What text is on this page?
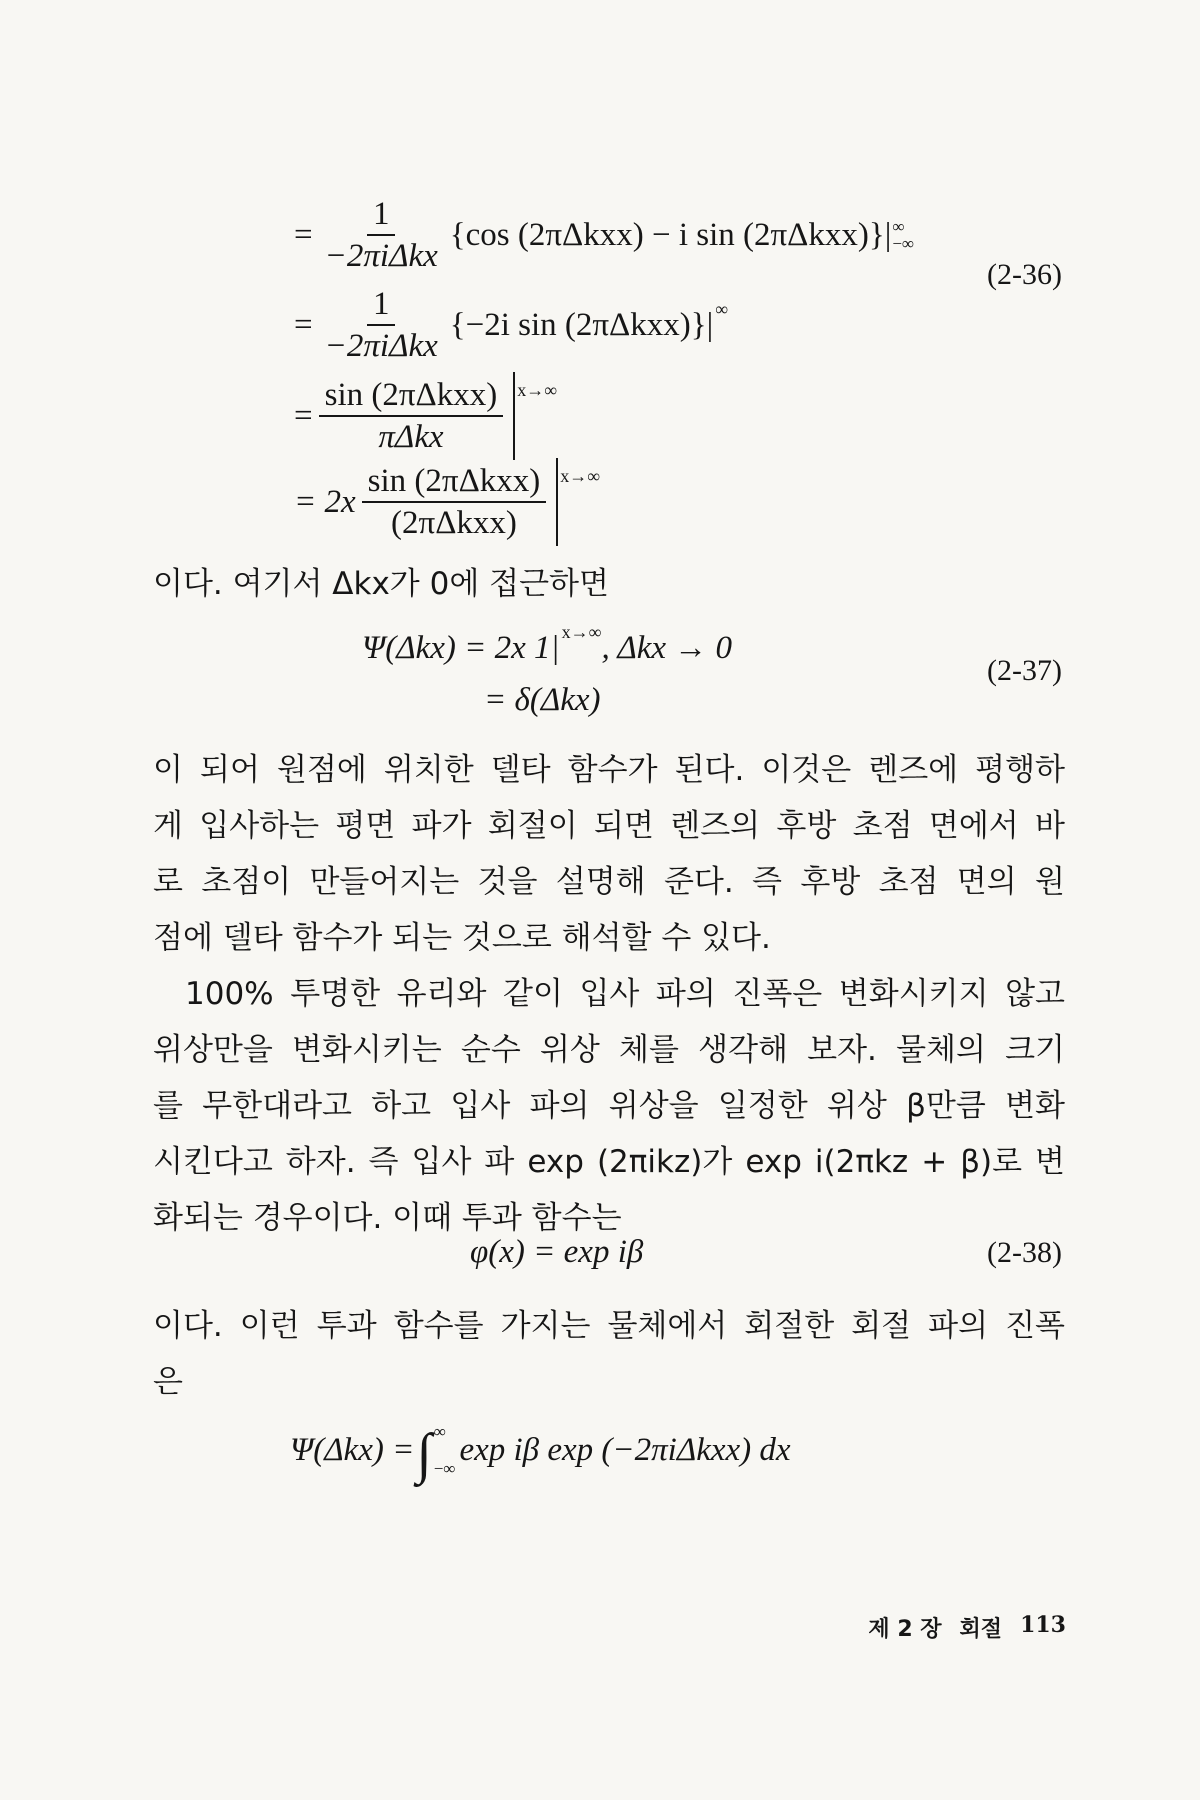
= $\frac{1}{\text{−2πiΔkx}} \{\cos$ (2πΔkxx) − i sin (2πΔkxx)}| ∞
−∞
(2-36)
= $\frac{1}{\text{−2πiΔkx}} \{-2i$ sin (2πΔkxx)}| ∞
= $\frac{\text{sin (2πΔkxx)}}{\text{πΔkx}} x\to\infty$
= $2x \frac{\text{sin (2πΔkxx)}}{\text{(2πΔkxx)}} x\to\infty$
이다. 여기서 Δkx가 0에 접근하면
Ψ(Δkx) = 2x 1| x→∞ , Δkx → 0
(2-37)
= δ(Δkx)
이 되어 원점에 위치한 델타 함수가 된다. 이것은 렌즈에 평행하
게 입사하는 평면 파가 회절이 되면 렌즈의 후방 초점 면에서 바
로 초점이 만들어지는 것을 설명해 준다. 즉 후방 초점 면의 원
점에 델타 함수가 되는 것으로 해석할 수 있다.
100% 투명한 유리와 같이 입사 파의 진폭은 변화시키지 않고
위상만을 변화시키는 순수 위상 체를 생각해 보자. 물체의 크기
를 무한대라고 하고 입사 파의 위상을 일정한 위상 β만큼 변화
시킨다고 하자. 즉 입사 파 exp (2πikz)가 exp i(2πkz + β)로 변
화되는 경우이다. 이때 투과 함수는
φ(x) = exp iβ	(2-38)
이다. 이런 투과 함수를 가지는 물체에서 회절한 회절 파의 진폭
은
Ψ(Δkx) = ∫ ∞
−∞
exp iβ exp (−2πiΔkxx) dx
제 2 장 회절 113
